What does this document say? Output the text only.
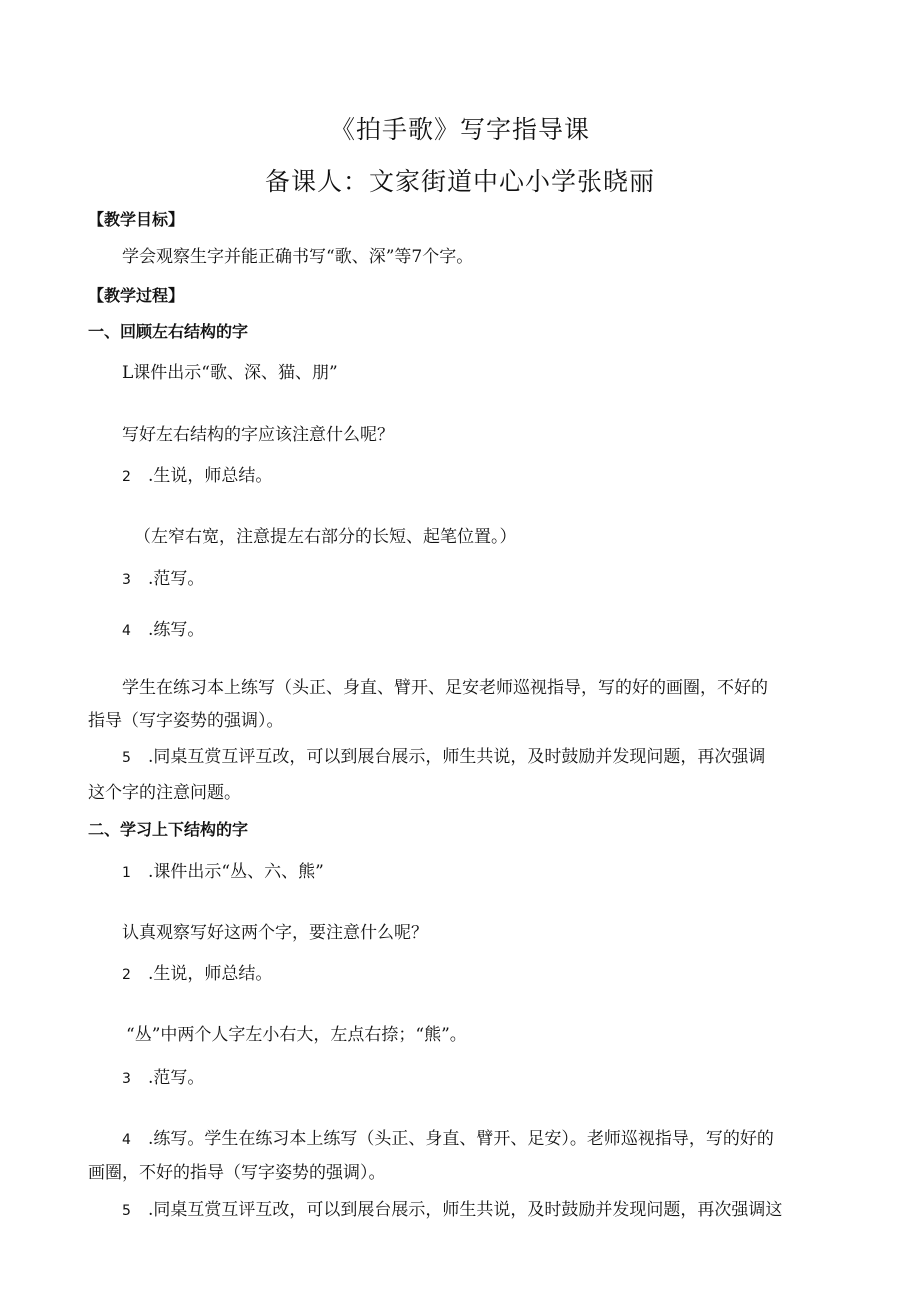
《拍手歌》写字指导课
备课人：文家街道中心小学张晓丽
【教学目标】
学会观察生字并能正确书写“歌、深”等7个字。
【教学过程】
一、回顾左右结构的字
L课件出示“歌、深、猫、朋”
写好左右结构的字应该注意什么呢？
2 .生说，师总结。
（左窄右宽，注意提左右部分的长短、起笔位置。）
3 .范写。
4 .练写。
学生在练习本上练写（头正、身直、臂开、足安老师巡视指导，写的好的画圈，不好的
指导（写字姿势的强调）。
5 .同桌互赏互评互改，可以到展台展示，师生共说，及时鼓励并发现问题，再次强调
这个字的注意问题。
二、学习上下结构的字
1 .课件出示“丛、六、熊”
认真观察写好这两个字，要注意什么呢？
2 .生说，师总结。
“丛”中两个人字左小右大，左点右捺；“熊”。
3 .范写。
4 .练写。学生在练习本上练写（头正、身直、臂开、足安）。老师巡视指导，写的好的
画圈，不好的指导（写字姿势的强调）。
5 .同桌互赏互评互改，可以到展台展示，师生共说，及时鼓励并发现问题，再次强调这
